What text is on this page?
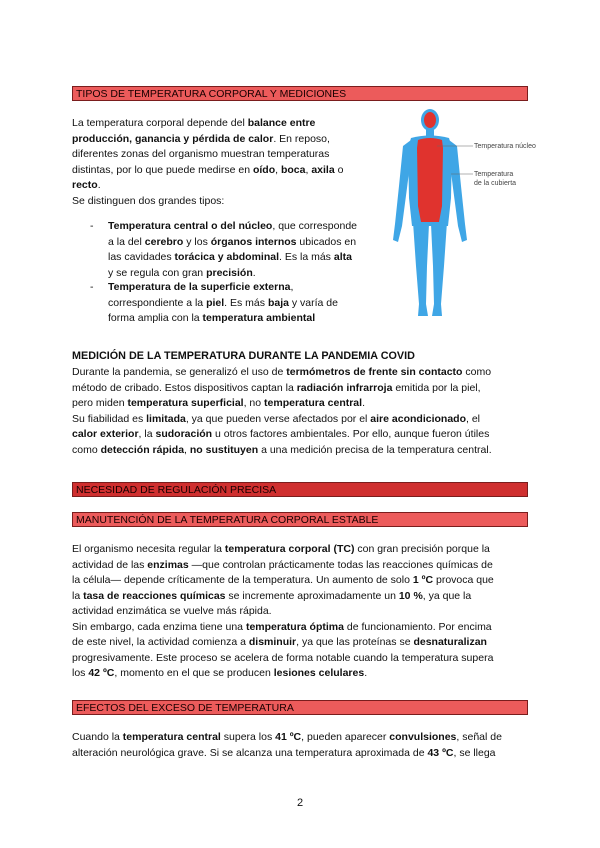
TIPOS DE TEMPERATURA CORPORAL Y MEDICIONES
La temperatura corporal depende del balance entre
producción, ganancia y pérdida de calor. En reposo,
diferentes zonas del organismo muestran temperaturas
distintas, por lo que puede medirse en oído, boca, axila o
recto.
Se distinguen dos grandes tipos:
- Temperatura central o del núcleo, que corresponde
a la del cerebro y los órganos internos ubicados en
las cavidades torácica y abdominal. Es la más alta
y se regula con gran precisión.
- Temperatura de la superficie externa,
correspondiente a la piel. Es más baja y varía de
forma amplia con la temperatura ambiental
Temperatura núcleo
Temperatura
de la cubierta
MEDICIÓN DE LA TEMPERATURA DURANTE LA PANDEMIA COVID
Durante la pandemia, se generalizó el uso de termómetros de frente sin contacto como
método de cribado. Estos dispositivos captan la radiación infrarroja emitida por la piel,
pero miden temperatura superficial, no temperatura central.
Su fiabilidad es limitada, ya que pueden verse afectados por el aire acondicionado, el
calor exterior, la sudoración u otros factores ambientales. Por ello, aunque fueron útiles
como detección rápida, no sustituyen a una medición precisa de la temperatura central.
NECESIDAD DE REGULACIÓN PRECISA
MANUTENCIÓN DE LA TEMPERATURA CORPORAL ESTABLE
El organismo necesita regular la temperatura corporal (TC) con gran precisión porque la
actividad de las enzimas —que controlan prácticamente todas las reacciones químicas de
la célula— depende críticamente de la temperatura. Un aumento de solo 1 ºC provoca que
la tasa de reacciones químicas se incremente aproximadamente un 10 %, ya que la
actividad enzimática se vuelve más rápida.
Sin embargo, cada enzima tiene una temperatura óptima de funcionamiento. Por encima
de este nivel, la actividad comienza a disminuir, ya que las proteínas se desnaturalizan
progresivamente. Este proceso se acelera de forma notable cuando la temperatura supera
los 42 ºC, momento en el que se producen lesiones celulares.
EFECTOS DEL EXCESO DE TEMPERATURA
Cuando la temperatura central supera los 41 ºC, pueden aparecer convulsiones, señal de
alteración neurológica grave. Si se alcanza una temperatura aproximada de 43 ºC, se llega
2
